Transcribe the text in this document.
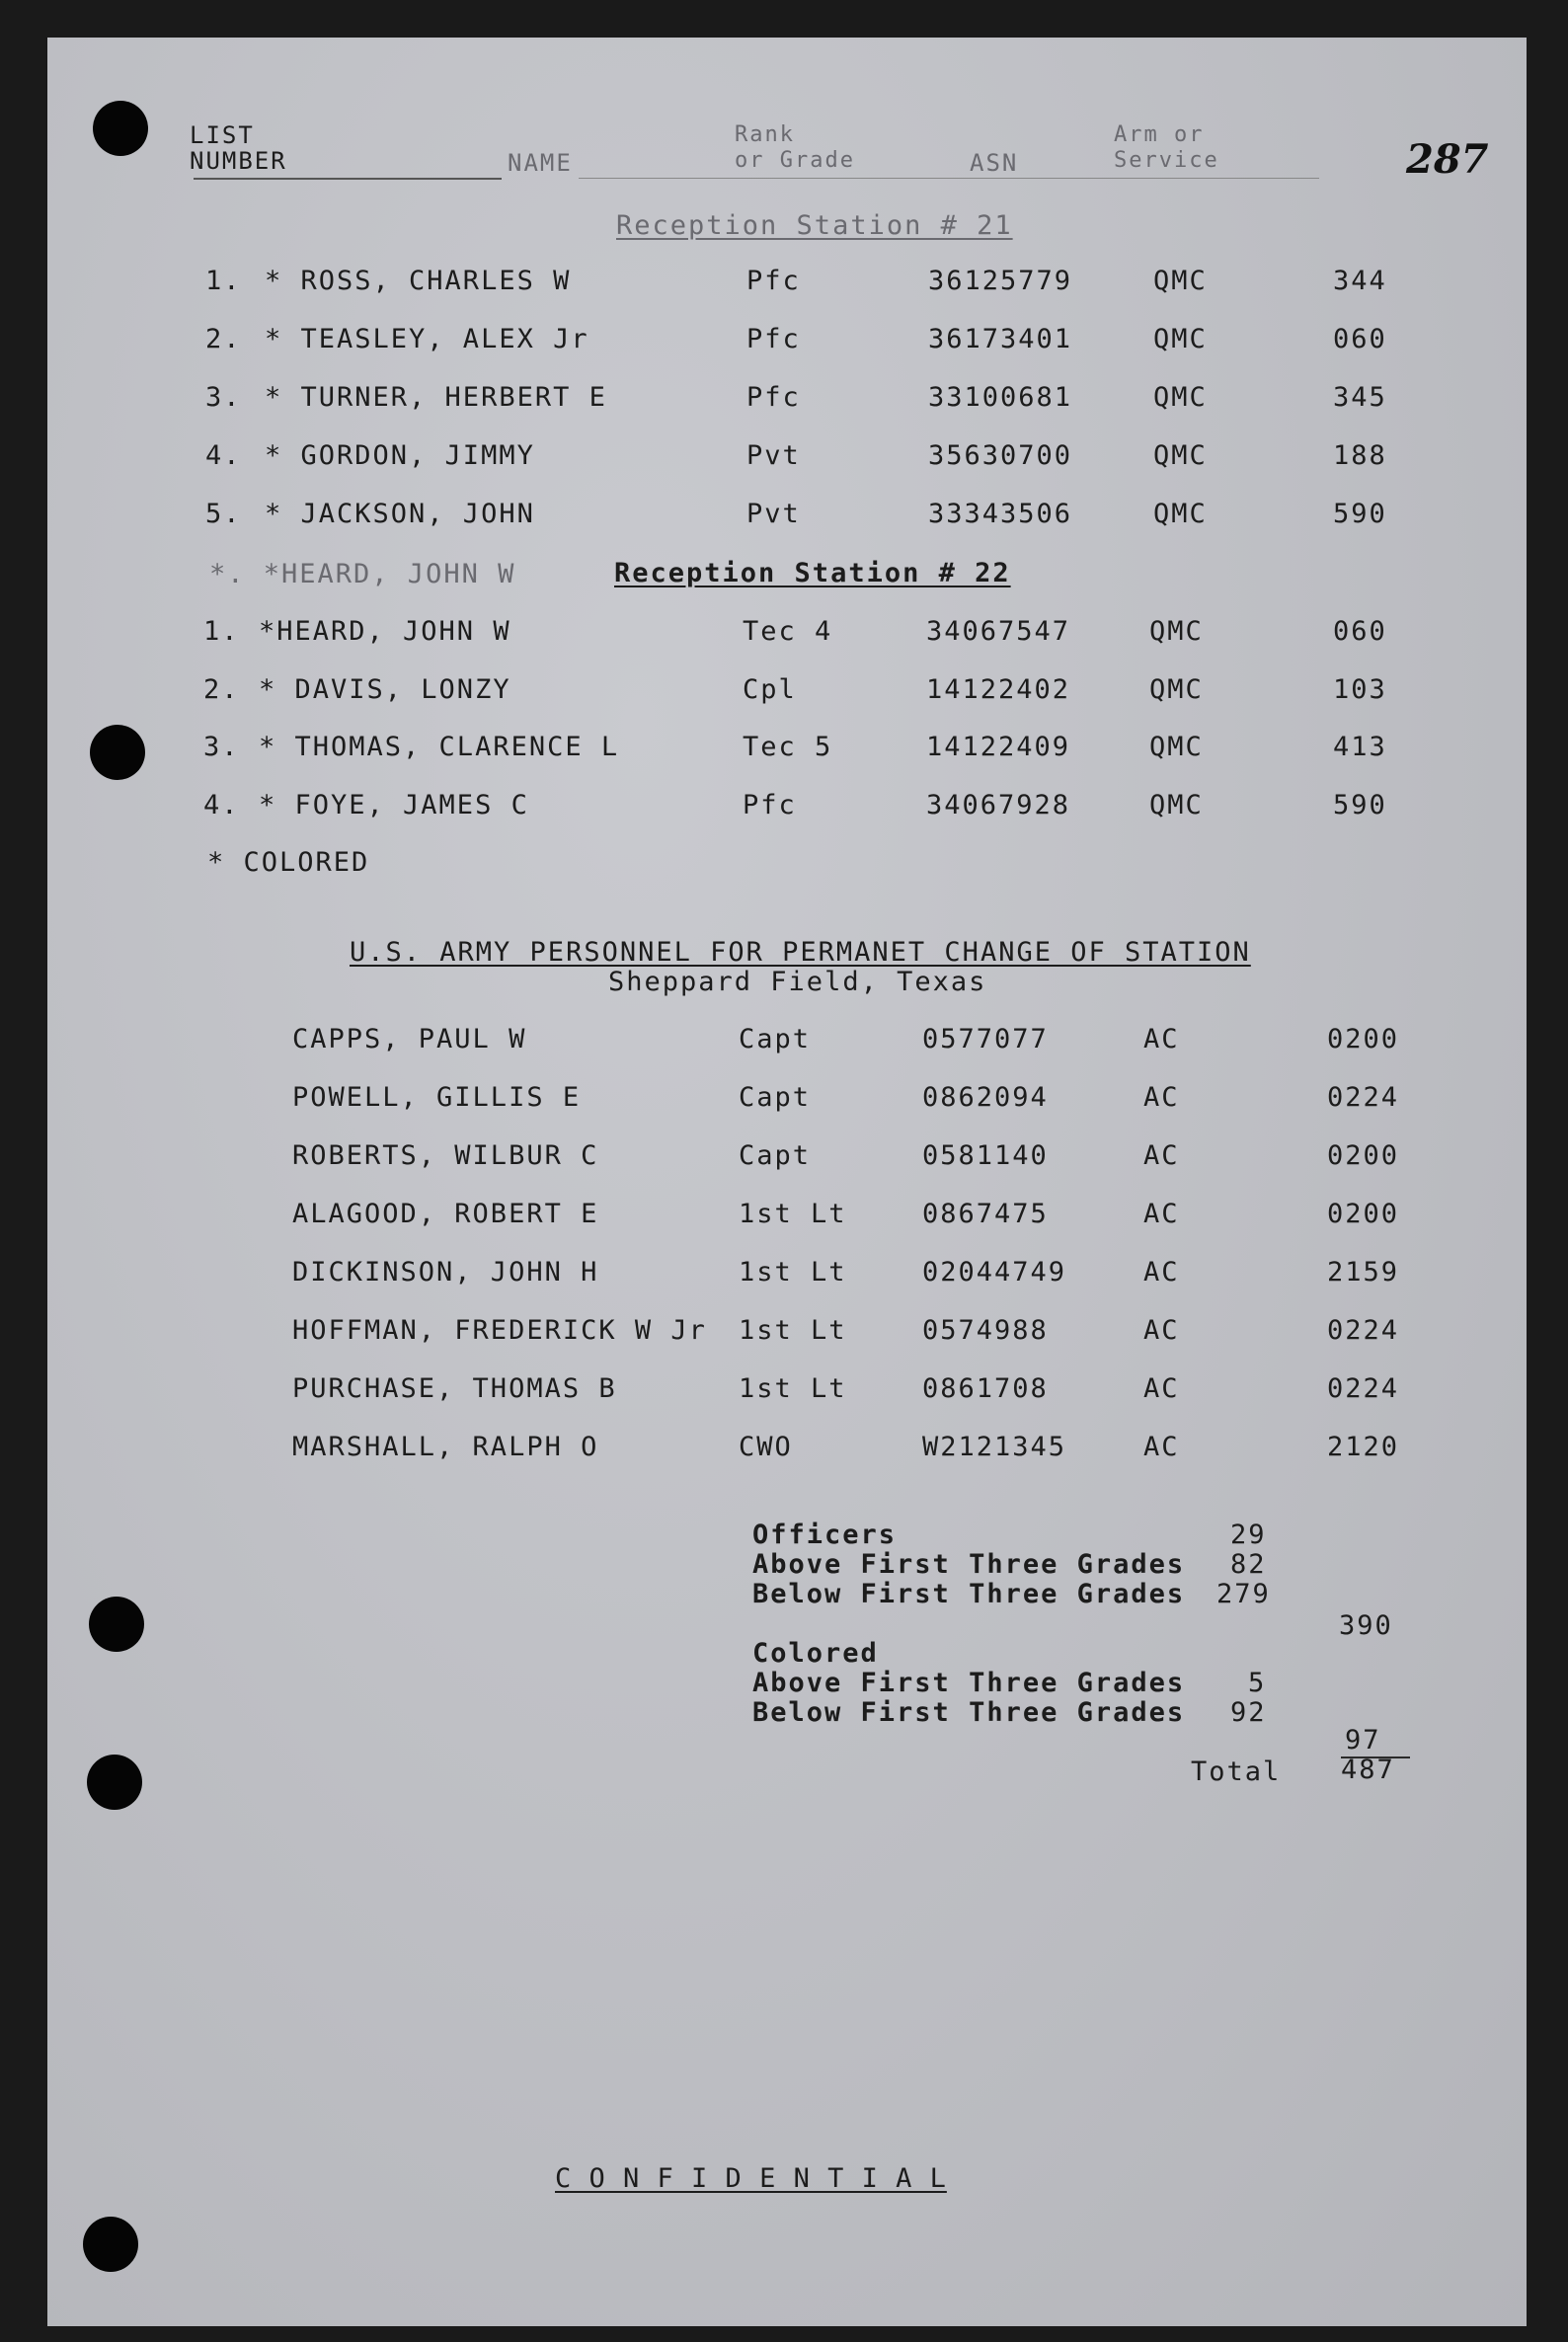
287
LIST
NUMBER	NAME
Rank
or Grade	ASN
Arm or
Service
Reception Station # 21
1. * ROSS, CHARLES W	Pfc	36125779	QMC	344
2. * TEASLEY, ALEX Jr	Pfc	36173401	QMC	060
3. * TURNER, HERBERT E	Pfc	33100681	QMC	345
4. * GORDON, JIMMY	Pvt	35630700	QMC	188
5. * JACKSON, JOHN	Pvt	33343506	QMC	590
*. *HEARD, JOHN W	Reception Station # 22
1. *HEARD, JOHN W	Tec 4	34067547	QMC	060
2. * DAVIS, LONZY	Cpl	14122402	QMC	103
3. * THOMAS, CLARENCE L	Tec 5	14122409	QMC	413
4. * FOYE, JAMES C	Pfc	34067928	QMC	590
* COLORED
U.S. ARMY PERSONNEL FOR PERMANET CHANGE OF STATION
Sheppard Field, Texas
CAPPS, PAUL W	Capt	0577077	AC	0200
POWELL, GILLIS E	Capt	0862094	AC	0224
ROBERTS, WILBUR C	Capt	0581140	AC	0200
ALAGOOD, ROBERT E	1st Lt	0867475	AC	0200
DICKINSON, JOHN H	1st Lt	02044749	AC	2159
HOFFMAN, FREDERICK W Jr 1st Lt	0574988	AC	0224
PURCHASE, THOMAS B	1st Lt	0861708	AC	0224
MARSHALL, RALPH O	CWO	W2121345	AC	2120
Officers	29
Above First Three Grades 82
Below First Three Grades 279
390
Colored
Above First Three Grades 5
Below First Three Grades 92
97
Total 487
C O N F I D E N T I A L
